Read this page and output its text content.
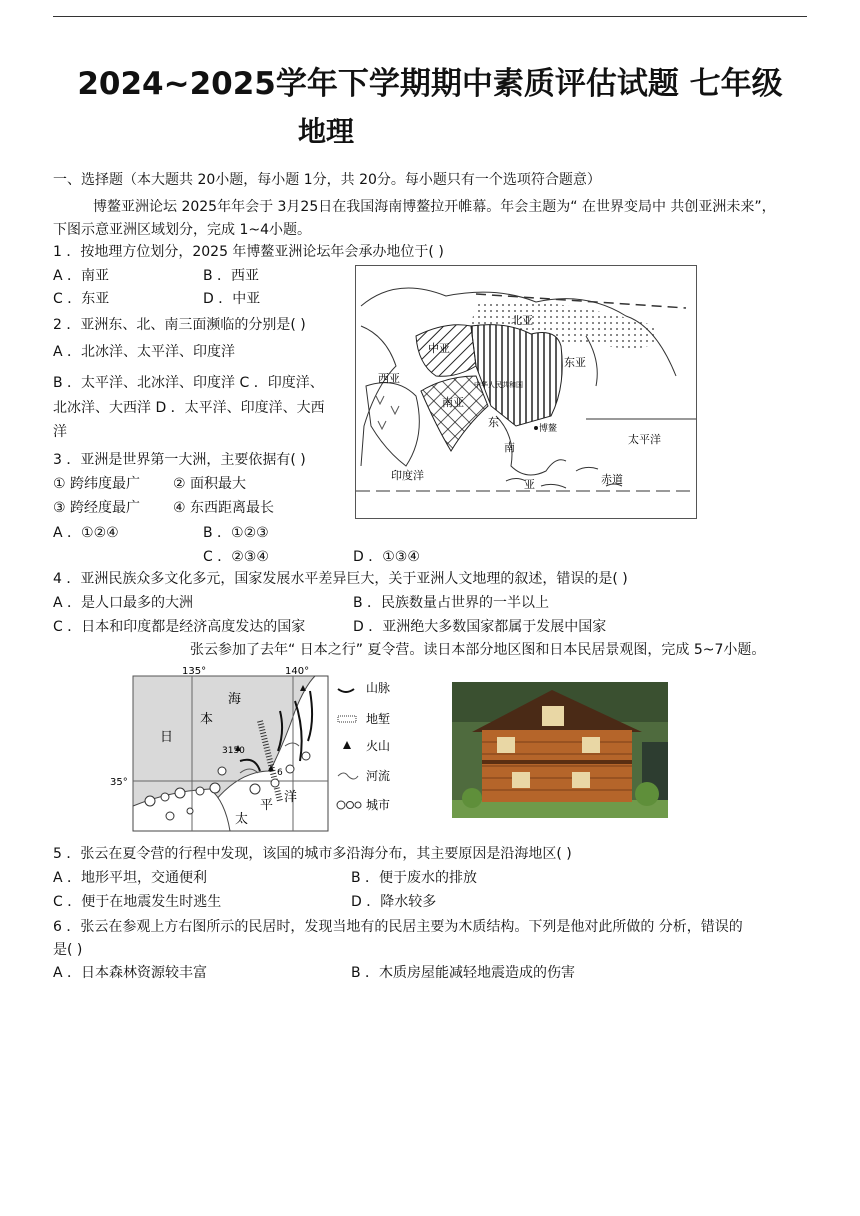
2024~2025学年下学期期中素质评估试题 七年级
地理
一、选择题（本大题共 20小题，每小题 1分，共 20分。每小题只有一个选项符合题意）
博鳌亚洲论坛 2025年年会于 3月25日在我国海南博鳌拉开帷幕。年会主题为“ 在世界变局中 共创亚洲未来”，
下图示意亚洲区域划分，完成 1~4小题。
1 ．按地理方位划分，2025 年博鳌亚洲论坛年会承办地位于( )
A ．南亚	B ．西亚
C ．东亚	D ．中亚
2 ．亚洲东、北、南三面濒临的分别是( )
A ．北冰洋、太平洋、印度洋
B ．太平洋、北冰洋、印度洋 C ．印度洋、
北冰洋、大西洋 D ．太平洋、印度洋、大西
洋
3 ．亚洲是世界第一大洲，主要依据有( )
① 跨纬度最广 ② 面积最大
③ 跨经度最广 ④ 东西距离最长
A ．①②④	B ．①②③
C ．②③④	D ．①③④
北亚
中亚
东亚
西亚
南亚
中华人民共和国
东
南
亚
博鳌
太平洋
印度洋	赤道
4 ．亚洲民族众多文化多元，国家发展水平差异巨大，关于亚洲人文地理的叙述，错误的是( )
A ．是人口最多的大洲	B ．民族数量占世界的一半以上
C ．日本和印度都是经济高度发达的国家	D ．亚洲绝大多数国家都属于发展中国家
张云参加了去年“ 日本之行” 夏令营。读日本部分地区图和日本民居景观图，完成 5~7小题。
135°	140°
35°
海
本
日
太
平
洋
3150
6
山脉
地堑
火山
河流
城市
5 ．张云在夏令营的行程中发现，该国的城市多沿海分布，其主要原因是沿海地区( )
A ．地形平坦，交通便利	B ．便于废水的排放
C ．便于在地震发生时逃生	D ．降水较多
6 ．张云在参观上方右图所示的民居时，发现当地有的民居主要为木质结构。下列是他对此所做的 分析，错误的
是( )
A ．日本森林资源较丰富	B ．木质房屋能减轻地震造成的伤害
